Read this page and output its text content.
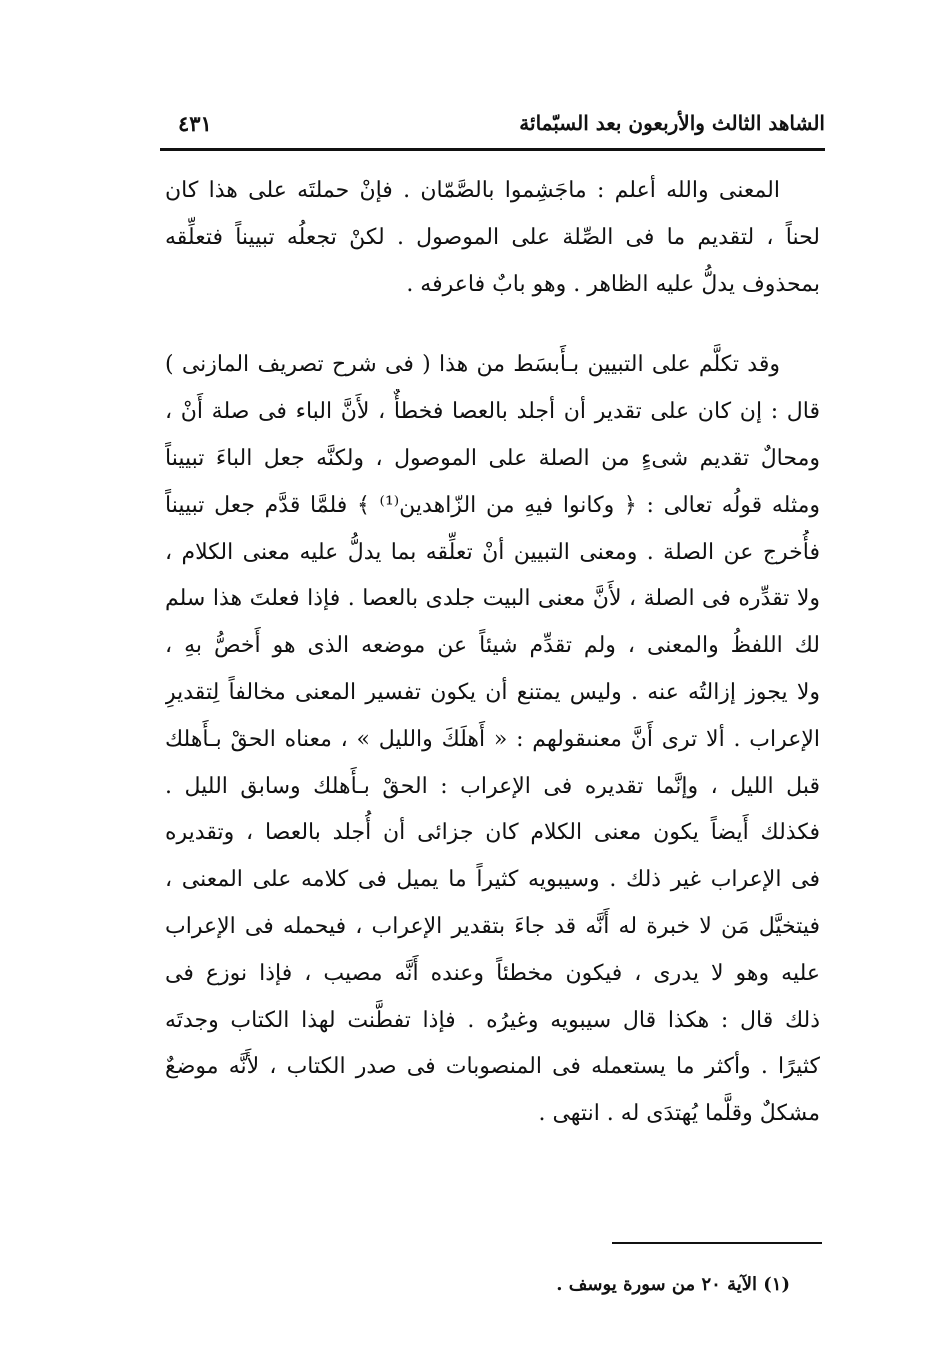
الشاهد الثالث والأربعون بعد السبّمائة
٤٣١
المعنى والله أعلم : ماجَشِموا بالصَّمّان . فإنْ حملتَه على هذا كان
لحناً ، لتقديم ما فى الصِّلة على الموصول . لكنْ تجعلُه تبييناً فتعلِّقه
بمحذوف يدلُّ عليه الظاهر . وهو بابٌ فاعرفه .
وقد تكلَّم على التبيين بـأَبسَط من هذا ( فى شرح تصريف المازنى )
قال : إن كان على تقدير أن أجلد بالعصا فخطأٌ ، لأَنَّ الباء فى صلة أَنْ ،
ومحالٌ تقديم شىءٍ من الصلة على الموصول ، ولكنَّه جعل الباءَ تبييناً
ومثله قولُه تعالى : ﴿ وكانوا فيهِ من الزّاهدين⁽¹⁾ ﴾ فلمَّا قدَّم جعل تبييناً
فأُخرج عن الصلة . ومعنى التبيين أنْ تعلِّقه بما يدلُّ عليه معنى الكلام ،
ولا تقدِّره فى الصلة ، لأَنَّ معنى البيت جلدى بالعصا . فإذا فعلتَ هذا سلم
لك اللفظُ والمعنى ، ولم تقدِّم شيئاً عن موضعه الذى هو أَخصُّ بهِ ،
ولا يجوز إزالتُه عنه . وليس يمتنع أن يكون تفسير المعنى مخالفاً لِتقديرِ
الإعراب . ألا ترى أَنَّ معنىقولهم : « أَهلَكَ والليل » ، معناه الحقْ بـأَهلك
قبل الليل ، وإنَّما تقديره فى الإعراب : الحقْ بـأَهلك وسابق الليل .
فكذلك أَيضاً يكون معنى الكلام كان جزائى أن أُجلد بالعصا ، وتقديره
فى الإعراب غير ذلك . وسيبويه كثيراً ما يميل فى كلامه على المعنى ،
فيتخيَّل مَن لا خبرة له أَنَّه قد جاءَ بتقدير الإعراب ، فيحمله فى الإعراب
عليه وهو لا يدرى ، فيكون مخطئاً وعنده أَنَّه مصيب ، فإذا نوزع فى
ذلك قال : هكذا قال سيبويه وغيرُه . فإذا تفطَّنت لهذا الكتاب وجدتَه
كثيرًا . وأكثر ما يستعمله فى المنصوبات فى صدر الكتاب ، لأَنَّه موضعٌ
مشكلٌ وقلَّما يُهتدَى له . انتهى .
(١) الآية ٢٠ من سورة يوسف .
